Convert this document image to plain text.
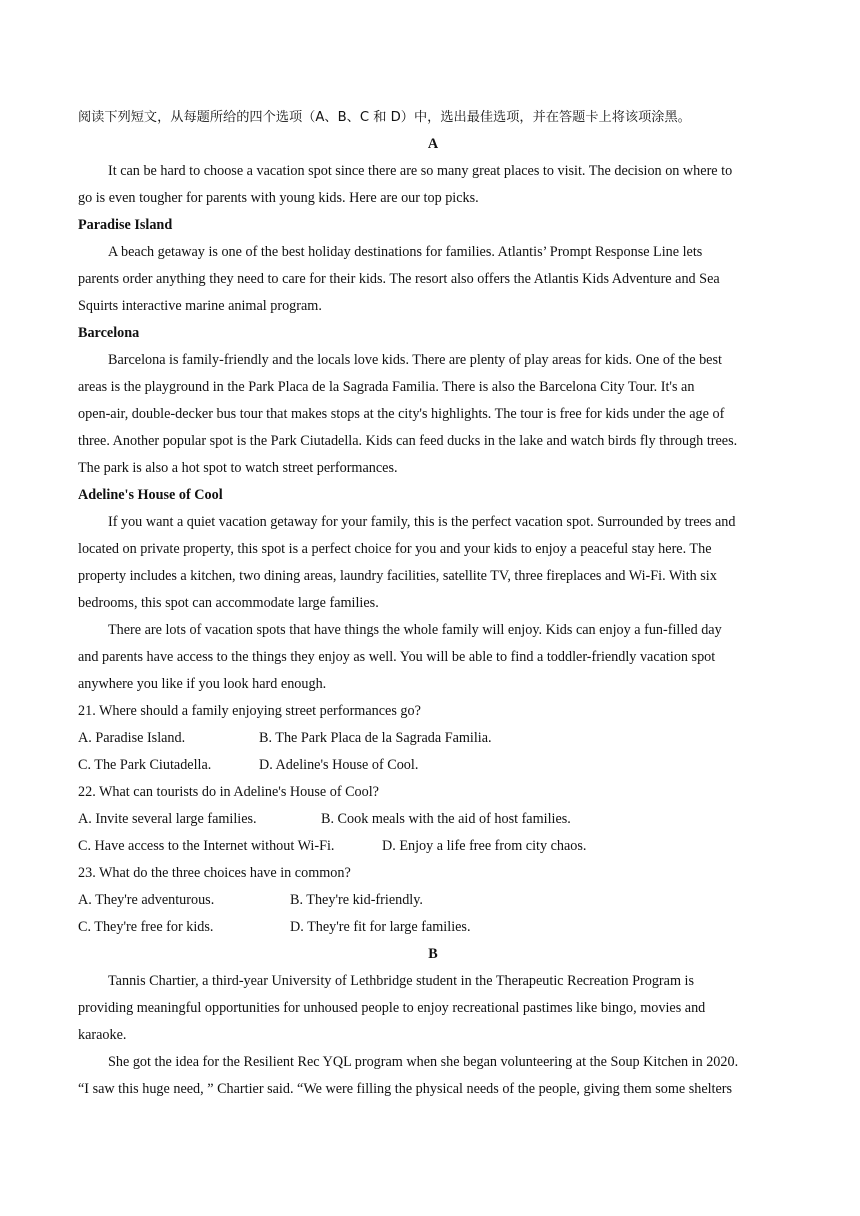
阅读下列短文，从每题所给的四个选项（A、B、C 和 D）中，选出最佳选项，并在答题卡上将该项涂黑。
A
It can be hard to choose a vacation spot since there are so many great places to visit. The decision on where to
go is even tougher for parents with young kids. Here are our top picks.
Paradise Island
A beach getaway is one of the best holiday destinations for families. Atlantis’ Prompt Response Line lets
parents order anything they need to care for their kids. The resort also offers the Atlantis Kids Adventure and Sea
Squirts interactive marine animal program.
Barcelona
Barcelona is family-friendly and the locals love kids. There are plenty of play areas for kids. One of the best
areas is the playground in the Park Placa de la Sagrada Familia. There is also the Barcelona City Tour. It's an
open-air, double-decker bus tour that makes stops at the city's highlights. The tour is free for kids under the age of
three. Another popular spot is the Park Ciutadella. Kids can feed ducks in the lake and watch birds fly through trees.
The park is also a hot spot to watch street performances.
Adeline's House of Cool
If you want a quiet vacation getaway for your family, this is the perfect vacation spot. Surrounded by trees and
located on private property, this spot is a perfect choice for you and your kids to enjoy a peaceful stay here. The
property includes a kitchen, two dining areas, laundry facilities, satellite TV, three fireplaces and Wi-Fi. With six
bedrooms, this spot can accommodate large families.
There are lots of vacation spots that have things the whole family will enjoy. Kids can enjoy a fun-filled day
and parents have access to the things they enjoy as well. You will be able to find a toddler-friendly vacation spot
anywhere you like if you look hard enough.
21. Where should a family enjoying street performances go?
A. Paradise Island.	B. The Park Placa de la Sagrada Familia.
C. The Park Ciutadella.	D. Adeline's House of Cool.
22. What can tourists do in Adeline's House of Cool?
A. Invite several large families.	B. Cook meals with the aid of host families.
C. Have access to the Internet without Wi-Fi.	D. Enjoy a life free from city chaos.
23. What do the three choices have in common?
A. They're adventurous.	B. They're kid-friendly.
C. They're free for kids.	D. They're fit for large families.
B
Tannis Chartier, a third-year University of Lethbridge student in the Therapeutic Recreation Program is
providing meaningful opportunities for unhoused people to enjoy recreational pastimes like bingo, movies and
karaoke.
She got the idea for the Resilient Rec YQL program when she began volunteering at the Soup Kitchen in 2020.
“I saw this huge need, ” Chartier said. “We were filling the physical needs of the people, giving them some shelters
